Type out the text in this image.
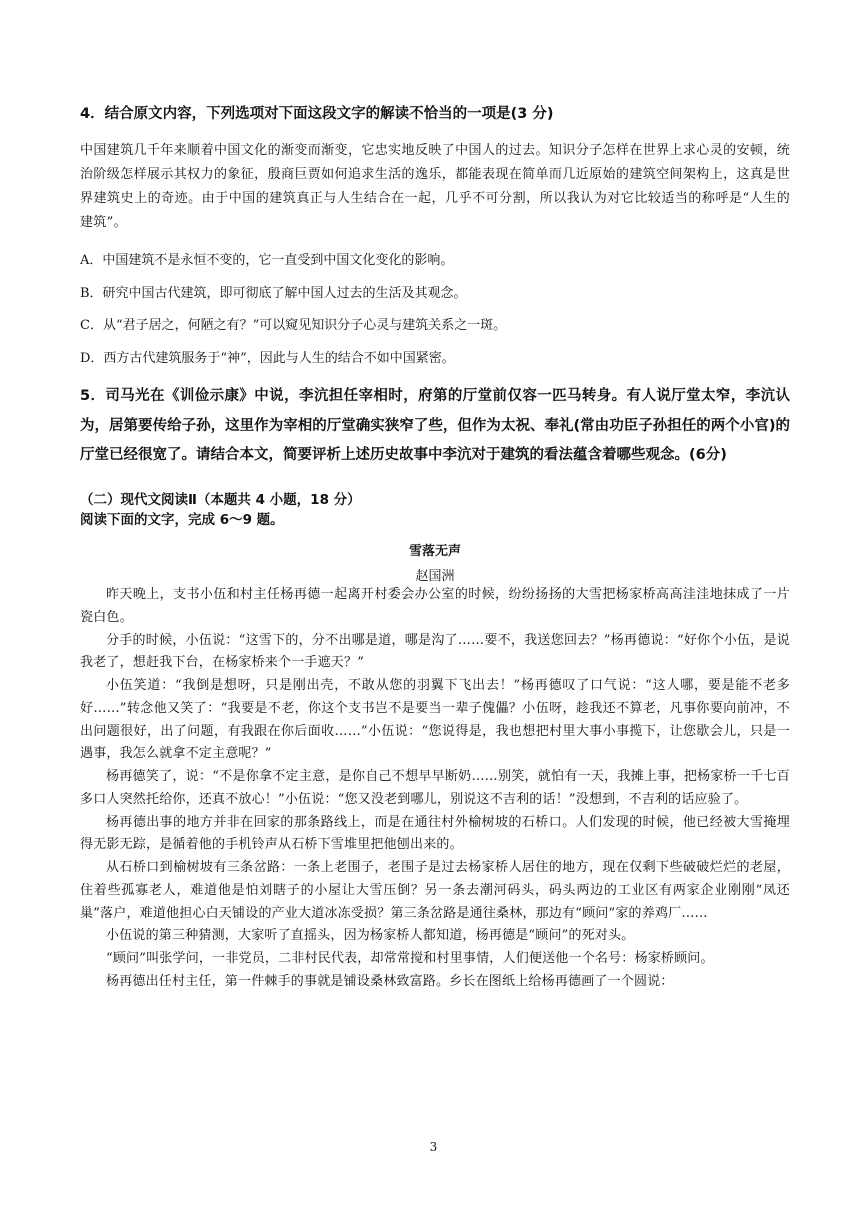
4．结合原文内容，下列选项对下面这段文字的解读不恰当的一项是(3 分)

中国建筑几千年来顺着中国文化的渐变而渐变，它忠实地反映了中国人的过去。知识分子怎样在世界上求心灵的安顿，统治阶级怎样展示其权力的象征，殷商巨贾如何追求生活的逸乐，都能表现在简单而几近原始的建筑空间架构上，这真是世界建筑史上的奇迹。由于中国的建筑真正与人生结合在一起，几乎不可分割，所以我认为对它比较适当的称呼是“人生的建筑”。

A．中国建筑不是永恒不变的，它一直受到中国文化变化的影响。

B．研究中国古代建筑，即可彻底了解中国人过去的生活及其观念。

C．从“君子居之，何陋之有？”可以窥见知识分子心灵与建筑关系之一斑。

D．西方古代建筑服务于“神”，因此与人生的结合不如中国紧密。

5．司马光在《训俭示康》中说，李沆担任宰相时，府第的厅堂前仅容一匹马转身。有人说厅堂太窄，李沆认为，居第要传给子孙，这里作为宰相的厅堂确实狭窄了些，但作为太祝、奉礼(常由功臣子孙担任的两个小官)的厅堂已经很宽了。请结合本文，简要评析上述历史故事中李沆对于建筑的看法蕴含着哪些观念。(6分)

（二）现代文阅读Ⅱ（本题共 4 小题，18 分）

阅读下面的文字，完成 6～9 题。

雪落无声

赵国洲

昨天晚上，支书小伍和村主任杨再德一起离开村委会办公室的时候，纷纷扬扬的大雪把杨家桥高高洼洼地抹成了一片瓷白色。

分手的时候，小伍说：“这雪下的，分不出哪是道，哪是沟了……要不，我送您回去？”杨再德说：“好你个小伍，是说我老了，想赶我下台，在杨家桥来个一手遮天？”

小伍笑道：“我倒是想呀，只是刚出壳，不敢从您的羽翼下飞出去！”杨再德叹了口气说：“这人哪，要是能不老多好……”转念他又笑了：“我要是不老，你这个支书岂不是要当一辈子傀儡？小伍呀，趁我还不算老，凡事你要向前冲，不出问题很好，出了问题，有我跟在你后面收……”小伍说：“您说得是，我也想把村里大事小事揽下，让您歇会儿，只是一遇事，我怎么就拿不定主意呢？”

杨再德笑了，说：“不是你拿不定主意，是你自己不想早早断奶……别笑，就怕有一天，我摊上事，把杨家桥一千七百多口人突然托给你，还真不放心！”小伍说：“您又没老到哪儿，别说这不吉利的话！”没想到，不吉利的话应验了。

杨再德出事的地方并非在回家的那条路线上，而是在通往村外榆树坡的石桥口。人们发现的时候，他已经被大雪掩埋得无影无踪，是循着他的手机铃声从石桥下雪堆里把他刨出来的。

从石桥口到榆树坡有三条岔路：一条上老围子，老围子是过去杨家桥人居住的地方，现在仅剩下些破破烂烂的老屋，住着些孤寡老人，难道他是怕刘瞎子的小屋让大雪压倒？另一条去潮河码头，码头两边的工业区有两家企业刚刚“凤还巢”落户，难道他担心白天铺设的产业大道冰冻受损？第三条岔路是通往桑林，那边有“顾问”家的养鸡厂……

小伍说的第三种猜测，大家听了直摇头，因为杨家桥人都知道，杨再德是“顾问”的死对头。

“顾问”叫张学问，一非党员，二非村民代表，却常常搅和村里事情，人们便送他一个名号：杨家桥顾问。

杨再德出任村主任，第一件棘手的事就是铺设桑林致富路。乡长在图纸上给杨再德画了一个圆说：

3
